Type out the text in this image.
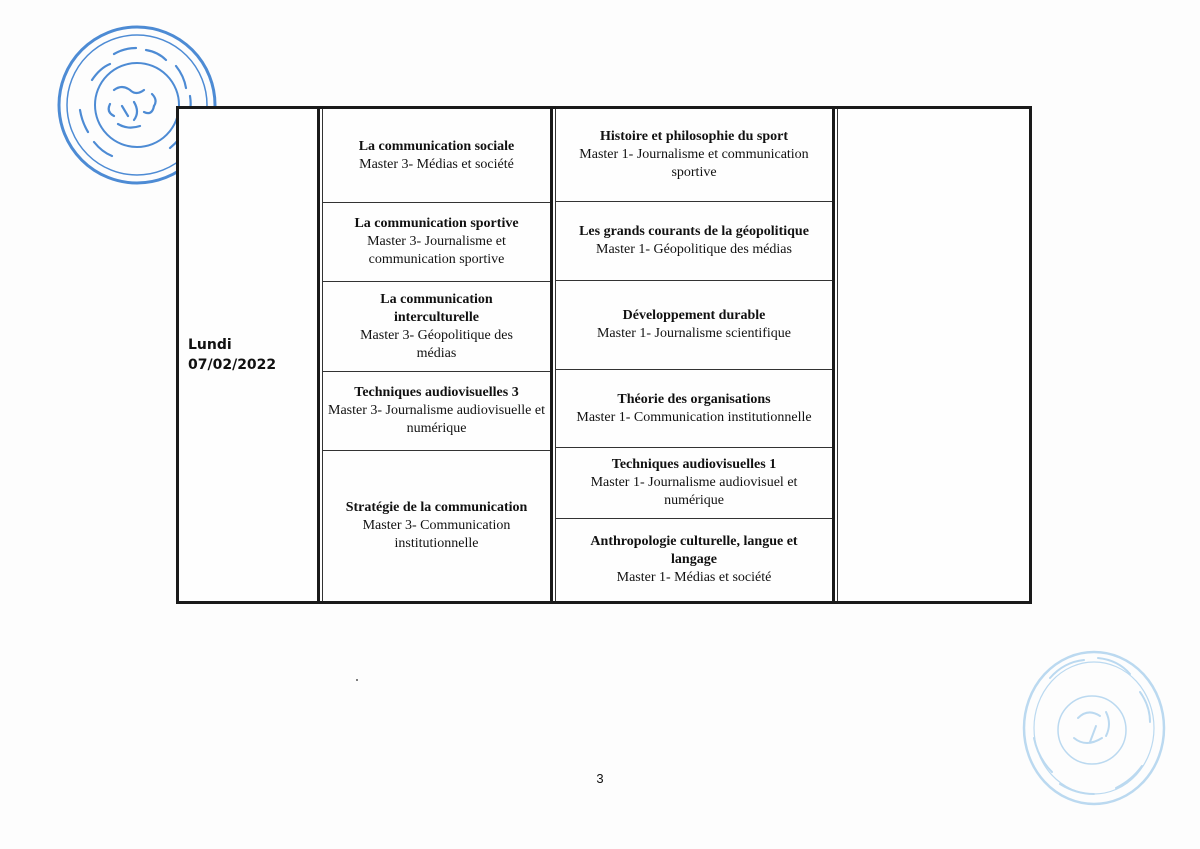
Lundi
07/02/2022
La communication sociale
Master 3- Médias et société
La communication sportive
Master 3- Journalisme et communication sportive
La communication interculturelle
Master 3- Géopolitique des médias
Techniques audiovisuelles 3
Master 3- Journalisme audiovisuelle et numérique
Stratégie de la communication
Master 3- Communication institutionnelle
Histoire et philosophie du sport
Master 1- Journalisme et communication sportive
Les grands courants de la géopolitique
Master 1- Géopolitique des médias
Développement durable
Master 1- Journalisme scientifique
Théorie des organisations
Master 1- Communication institutionnelle
Techniques audiovisuelles 1
Master 1- Journalisme audiovisuel et numérique
Anthropologie culturelle, langue et langage
Master 1- Médias et société
3
